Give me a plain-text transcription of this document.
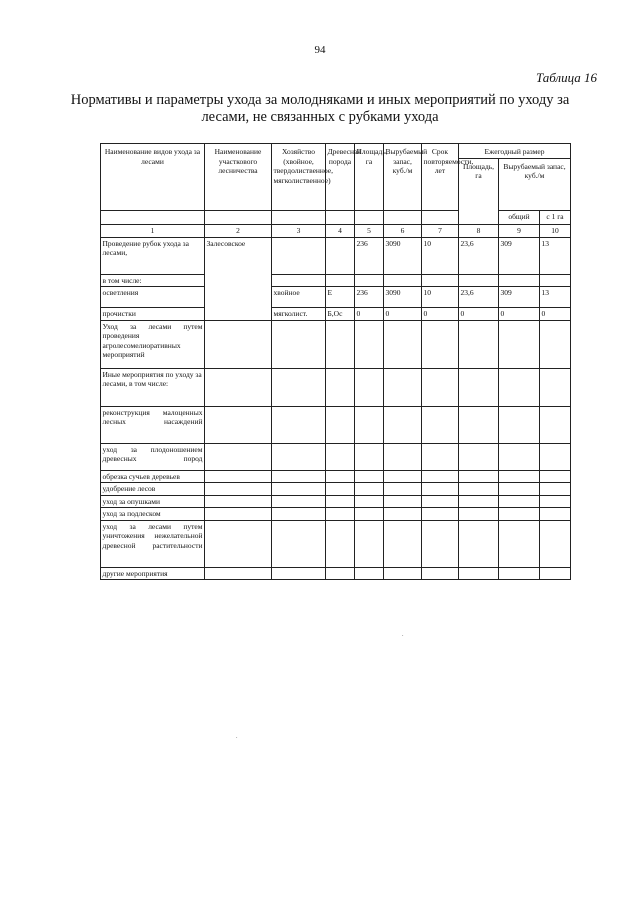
94
Таблица 16
Нормативы и параметры ухода за молодняками и иных мероприятий по уходу за лесами, не связанных с рубками ухода
Наименование видов ухода за лесами	Наименование участкового лесничества	Хозяйство (хвойное, твердолиственное, мягколиственное)	Древесная порода	Площадь, га	Вырубаемый запас, куб./м	Срок повторяемости, лет	Ежегодный размер		
							Площадь, га	Вырубаемый запас, куб./м	
								общий	с 1 га
1	2	3	4	5	6	7	8	9	10
Проведение рубок ухода за лесами,	Залесовское			236	3090	10	23,6	309	13
в том числе:									
осветления		хвойное	Е	236	3090	10	23,6	309	13
прочистки		мягколист.	Б,Ос	0	0	0	0	0	0
Уход за лесами путем проведения агролесомелиоративных мероприятий									
Иные мероприятия по уходу за лесами, в том числе:									
реконструкция малоценных лесных насаждений									
уход за плодоношением древесных пород									
обрезка сучьев деревьев									
удобрение лесов									
уход за опушками									
уход за подлеском									
уход за лесами путем уничтожения нежелательной древесной растительности									
другие мероприятия									
.
.
